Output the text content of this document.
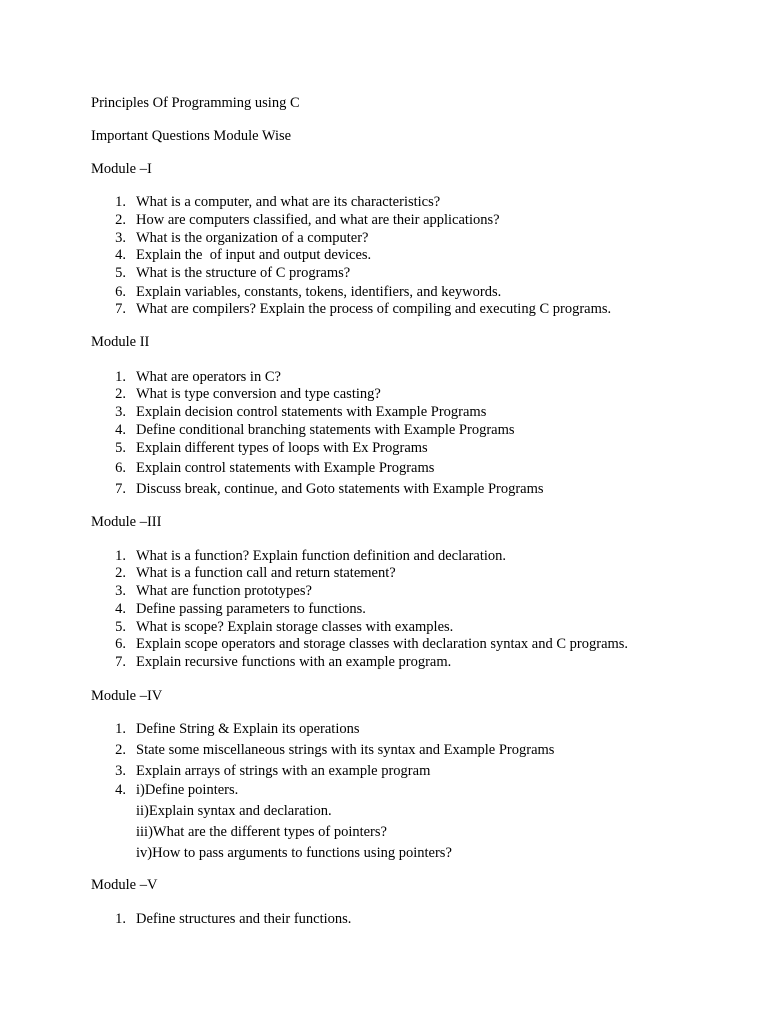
Principles Of Programming using C
Important Questions Module Wise
Module –I
1. What is a computer, and what are its characteristics?
2. How are computers classified, and what are their applications?
3. What is the organization of a computer?
4. Explain the  of input and output devices.
5. What is the structure of C programs?
6. Explain variables, constants, tokens, identifiers, and keywords.
7. What are compilers? Explain the process of compiling and executing C programs.
Module II
1. What are operators in C?
2. What is type conversion and type casting?
3. Explain decision control statements with Example Programs
4. Define conditional branching statements with Example Programs
5. Explain different types of loops with Ex Programs
6. Explain control statements with Example Programs
7. Discuss break, continue, and Goto statements with Example Programs
Module –III
1. What is a function? Explain function definition and declaration.
2. What is a function call and return statement?
3. What are function prototypes?
4. Define passing parameters to functions.
5. What is scope? Explain storage classes with examples.
6. Explain scope operators and storage classes with declaration syntax and C programs.
7. Explain recursive functions with an example program.
Module –IV
1. Define String & Explain its operations
2. State some miscellaneous strings with its syntax and Example Programs
3. Explain arrays of strings with an example program
4. i)Define pointers.
ii)Explain syntax and declaration.
iii)What are the different types of pointers?
iv)How to pass arguments to functions using pointers?
Module –V
1. Define structures and their functions.
